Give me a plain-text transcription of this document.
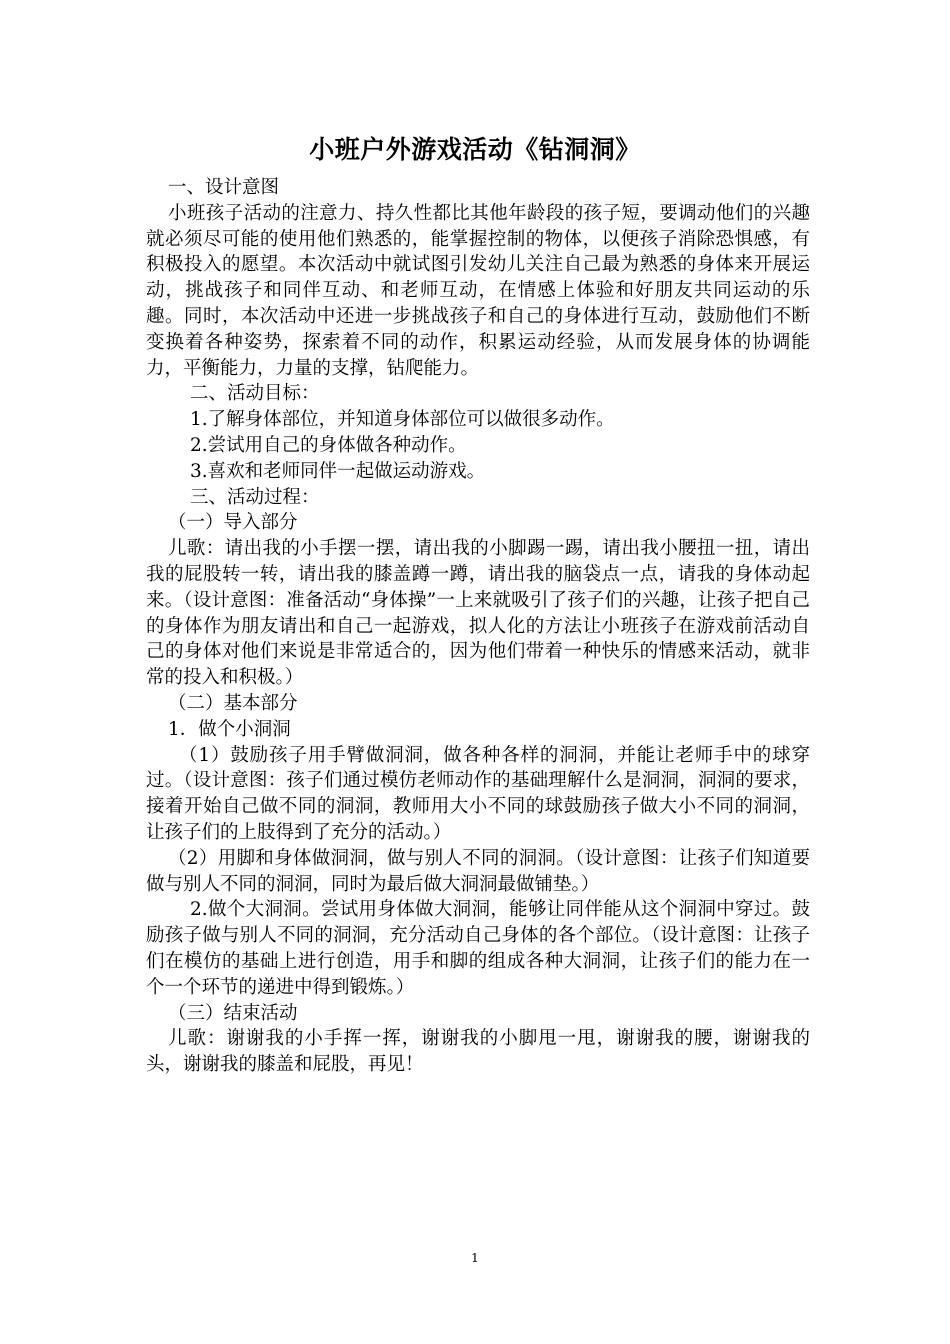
小班户外游戏活动《钻洞洞》

一、设计意图

小班孩子活动的注意力、持久性都比其他年龄段的孩子短，要调动他们的兴趣就必须尽可能的使用他们熟悉的，能掌握控制的物体，以便孩子消除恐惧感，有积极投入的愿望。本次活动中就试图引发幼儿关注自己最为熟悉的身体来开展运动，挑战孩子和同伴互动、和老师互动，在情感上体验和好朋友共同运动的乐趣。同时，本次活动中还进一步挑战孩子和自己的身体进行互动，鼓励他们不断变换着各种姿势，探索着不同的动作，积累运动经验，从而发展身体的协调能力，平衡能力，力量的支撑，钻爬能力。

二、活动目标：

1.了解身体部位，并知道身体部位可以做很多动作。

2.尝试用自己的身体做各种动作。

3.喜欢和老师同伴一起做运动游戏。

三、活动过程：

（一）导入部分

儿歌：请出我的小手摆一摆，请出我的小脚踢一踢，请出我小腰扭一扭，请出我的屁股转一转，请出我的膝盖蹲一蹲，请出我的脑袋点一点，请我的身体动起来。（设计意图：准备活动“身体操”一上来就吸引了孩子们的兴趣，让孩子把自己的身体作为朋友请出和自己一起游戏，拟人化的方法让小班孩子在游戏前活动自己的身体对他们来说是非常适合的，因为他们带着一种快乐的情感来活动，就非常的投入和积极。）

（二）基本部分

1．做个小洞洞

（1）鼓励孩子用手臂做洞洞，做各种各样的洞洞，并能让老师手中的球穿过。（设计意图：孩子们通过模仿老师动作的基础理解什么是洞洞，洞洞的要求，接着开始自己做不同的洞洞，教师用大小不同的球鼓励孩子做大小不同的洞洞，让孩子们的上肢得到了充分的活动。）

（2）用脚和身体做洞洞，做与别人不同的洞洞。（设计意图：让孩子们知道要做与别人不同的洞洞，同时为最后做大洞洞最做铺垫。）

2.做个大洞洞。尝试用身体做大洞洞，能够让同伴能从这个洞洞中穿过。鼓励孩子做与别人不同的洞洞，充分活动自己身体的各个部位。（设计意图：让孩子们在模仿的基础上进行创造，用手和脚的组成各种大洞洞，让孩子们的能力在一个一个环节的递进中得到锻炼。）

（三）结束活动

儿歌：谢谢我的小手挥一挥，谢谢我的小脚甩一甩，谢谢我的腰，谢谢我的头，谢谢我的膝盖和屁股，再见！

1
